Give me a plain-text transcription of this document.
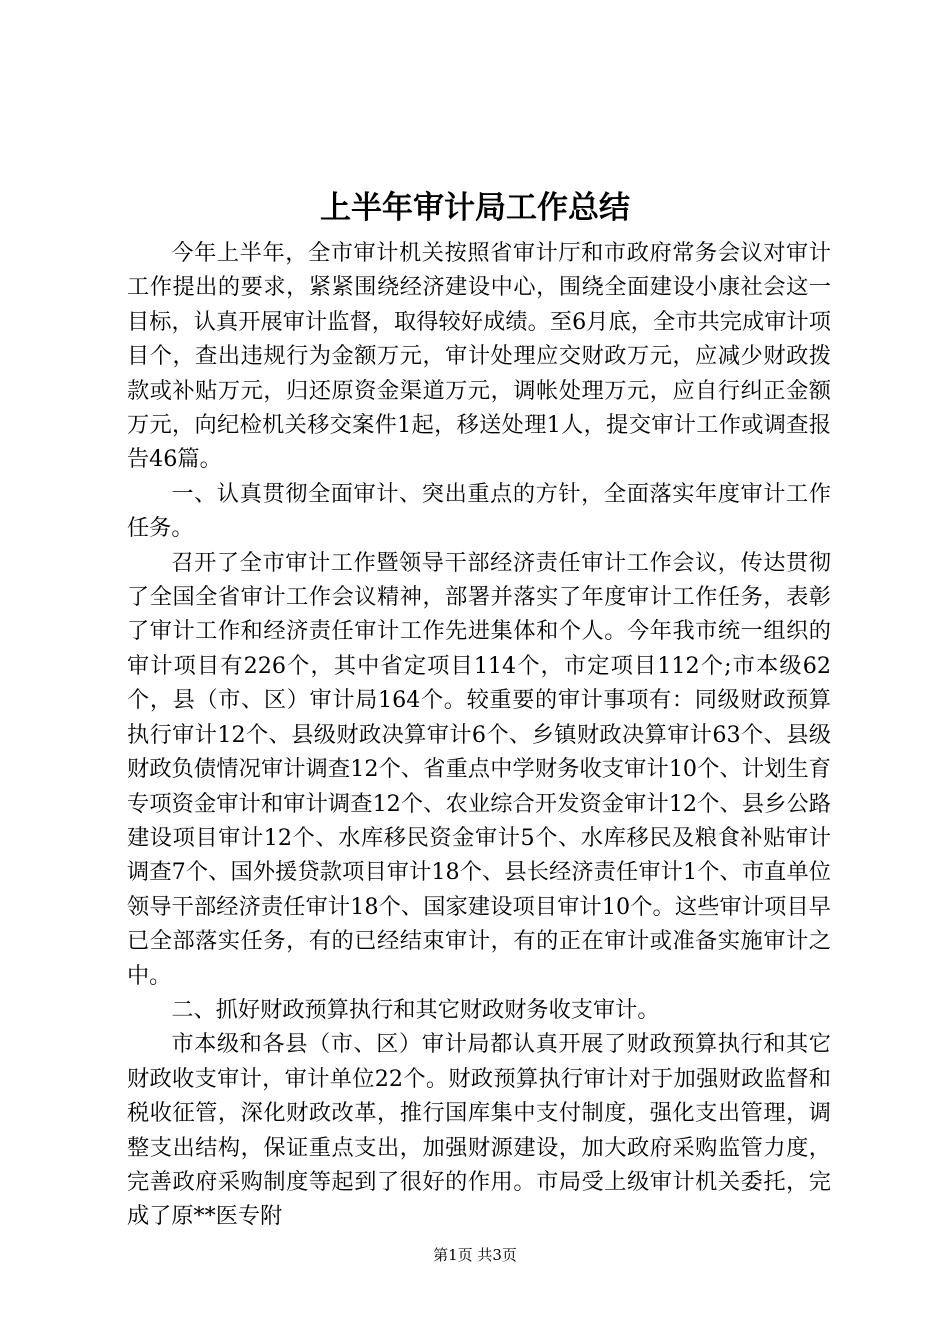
上半年审计局工作总结

今年上半年，全市审计机关按照省审计厅和市政府常务会议对审计工作提出的要求，紧紧围绕经济建设中心，围绕全面建设小康社会这一目标，认真开展审计监督，取得较好成绩。至6月底，全市共完成审计项目个，查出违规行为金额万元，审计处理应交财政万元，应减少财政拨款或补贴万元，归还原资金渠道万元，调帐处理万元，应自行纠正金额万元，向纪检机关移交案件1起，移送处理1人，提交审计工作或调查报告46篇。

一、认真贯彻全面审计、突出重点的方针，全面落实年度审计工作任务。

召开了全市审计工作暨领导干部经济责任审计工作会议，传达贯彻了全国全省审计工作会议精神，部署并落实了年度审计工作任务，表彰了审计工作和经济责任审计工作先进集体和个人。今年我市统一组织的审计项目有226个，其中省定项目114个，市定项目112个;市本级62个，县（市、区）审计局164个。较重要的审计事项有：同级财政预算执行审计12个、县级财政决算审计6个、乡镇财政决算审计63个、县级财政负债情况审计调查12个、省重点中学财务收支审计10个、计划生育专项资金审计和审计调查12个、农业综合开发资金审计12个、县乡公路建设项目审计12个、水库移民资金审计5个、水库移民及粮食补贴审计调查7个、国外援贷款项目审计18个、县长经济责任审计1个、市直单位领导干部经济责任审计18个、国家建设项目审计10个。这些审计项目早已全部落实任务，有的已经结束审计，有的正在审计或准备实施审计之中。

二、抓好财政预算执行和其它财政财务收支审计。

市本级和各县（市、区）审计局都认真开展了财政预算执行和其它财政收支审计，审计单位22个。财政预算执行审计对于加强财政监督和税收征管，深化财政改革，推行国库集中支付制度，强化支出管理，调整支出结构，保证重点支出，加强财源建设，加大政府采购监管力度，完善政府采购制度等起到了很好的作用。市局受上级审计机关委托，完成了原**医专附

第1页 共3页
